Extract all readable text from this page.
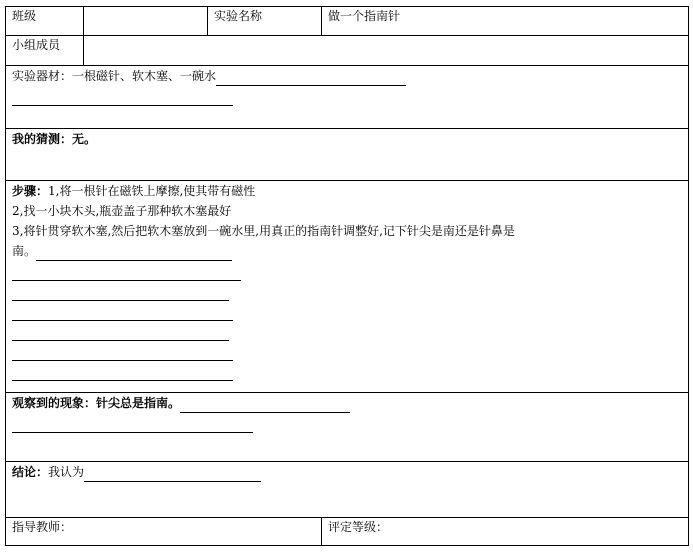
班级		实验名称	做一个指南针
小组成员			

实验器材：一根磁针、软木塞、一碗水			

我的猜测：无。			

步骤：1,将一根针在磁铁上摩擦,使其带有磁性
2,找一小块木头,瓶壶盖子那种软木塞最好
3,将针贯穿软木塞,然后把软木塞放到一碗水里,用真正的指南针调整好,记下针尖是南还是针鼻是
南。			

观察到的现象：针尖总是指南。			

结论：我认为			

指导教师：			评定等级：
